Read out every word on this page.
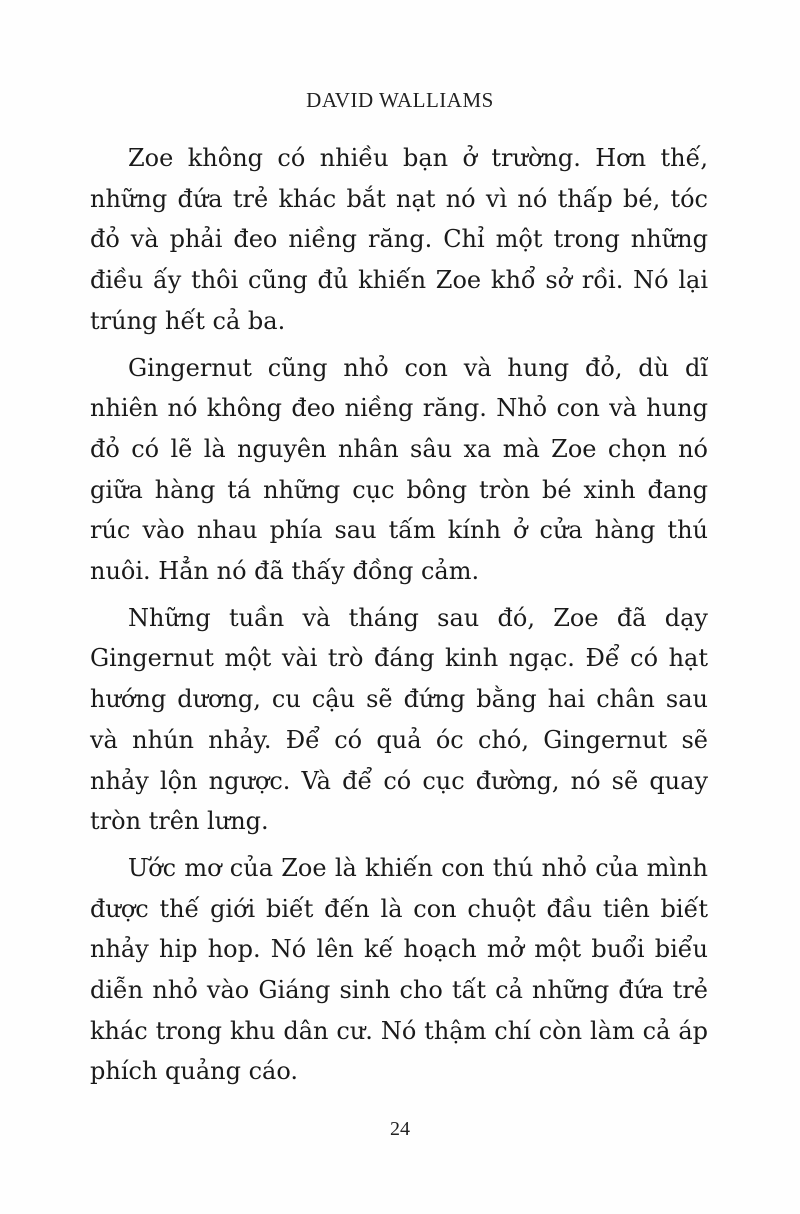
DAVID WALLIAMS

Zoe không có nhiều bạn ở trường. Hơn thế, những đứa trẻ khác bắt nạt nó vì nó thấp bé, tóc đỏ và phải đeo niềng răng. Chỉ một trong những điều ấy thôi cũng đủ khiến Zoe khổ sở rồi. Nó lại trúng hết cả ba.

Gingernut cũng nhỏ con và hung đỏ, dù dĩ nhiên nó không đeo niềng răng. Nhỏ con và hung đỏ có lẽ là nguyên nhân sâu xa mà Zoe chọn nó giữa hàng tá những cục bông tròn bé xinh đang rúc vào nhau phía sau tấm kính ở cửa hàng thú nuôi. Hẳn nó đã thấy đồng cảm.

Những tuần và tháng sau đó, Zoe đã dạy Gingernut một vài trò đáng kinh ngạc. Để có hạt hướng dương, cu cậu sẽ đứng bằng hai chân sau và nhún nhảy. Để có quả óc chó, Gingernut sẽ nhảy lộn ngược. Và để có cục đường, nó sẽ quay tròn trên lưng.

Ước mơ của Zoe là khiến con thú nhỏ của mình được thế giới biết đến là con chuột đầu tiên biết nhảy hip hop. Nó lên kế hoạch mở một buổi biểu diễn nhỏ vào Giáng sinh cho tất cả những đứa trẻ khác trong khu dân cư. Nó thậm chí còn làm cả áp phích quảng cáo.

24
